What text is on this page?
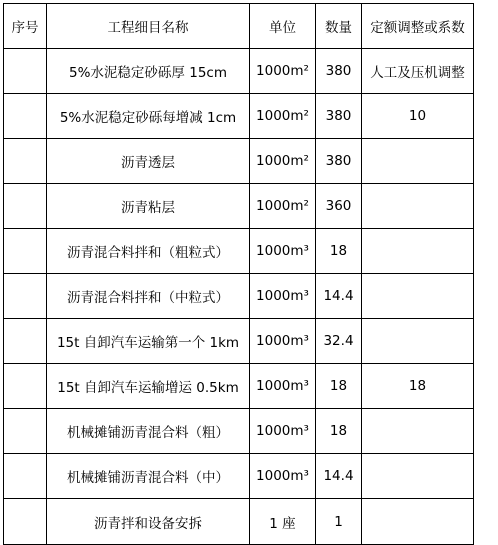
序号	工程细目名称	单位	数量	定额调整或系数
	5%水泥稳定砂砾厚 15cm	1000m²	380	人工及压机调整
	5%水泥稳定砂砾每增减 1cm	1000m²	380	10
	沥青透层	1000m²	380	
	沥青粘层	1000m²	360	
	沥青混合料拌和（粗粒式）	1000m³	18	
	沥青混合料拌和（中粒式）	1000m³	14.4	
	15t 自卸汽车运输第一个 1km	1000m³	32.4	
	15t 自卸汽车运输增运 0.5km	1000m³	18	18
	机械摊铺沥青混合料（粗）	1000m³	18	
	机械摊铺沥青混合料（中）	1000m³	14.4	
	沥青拌和设备安拆	1 座	1	
